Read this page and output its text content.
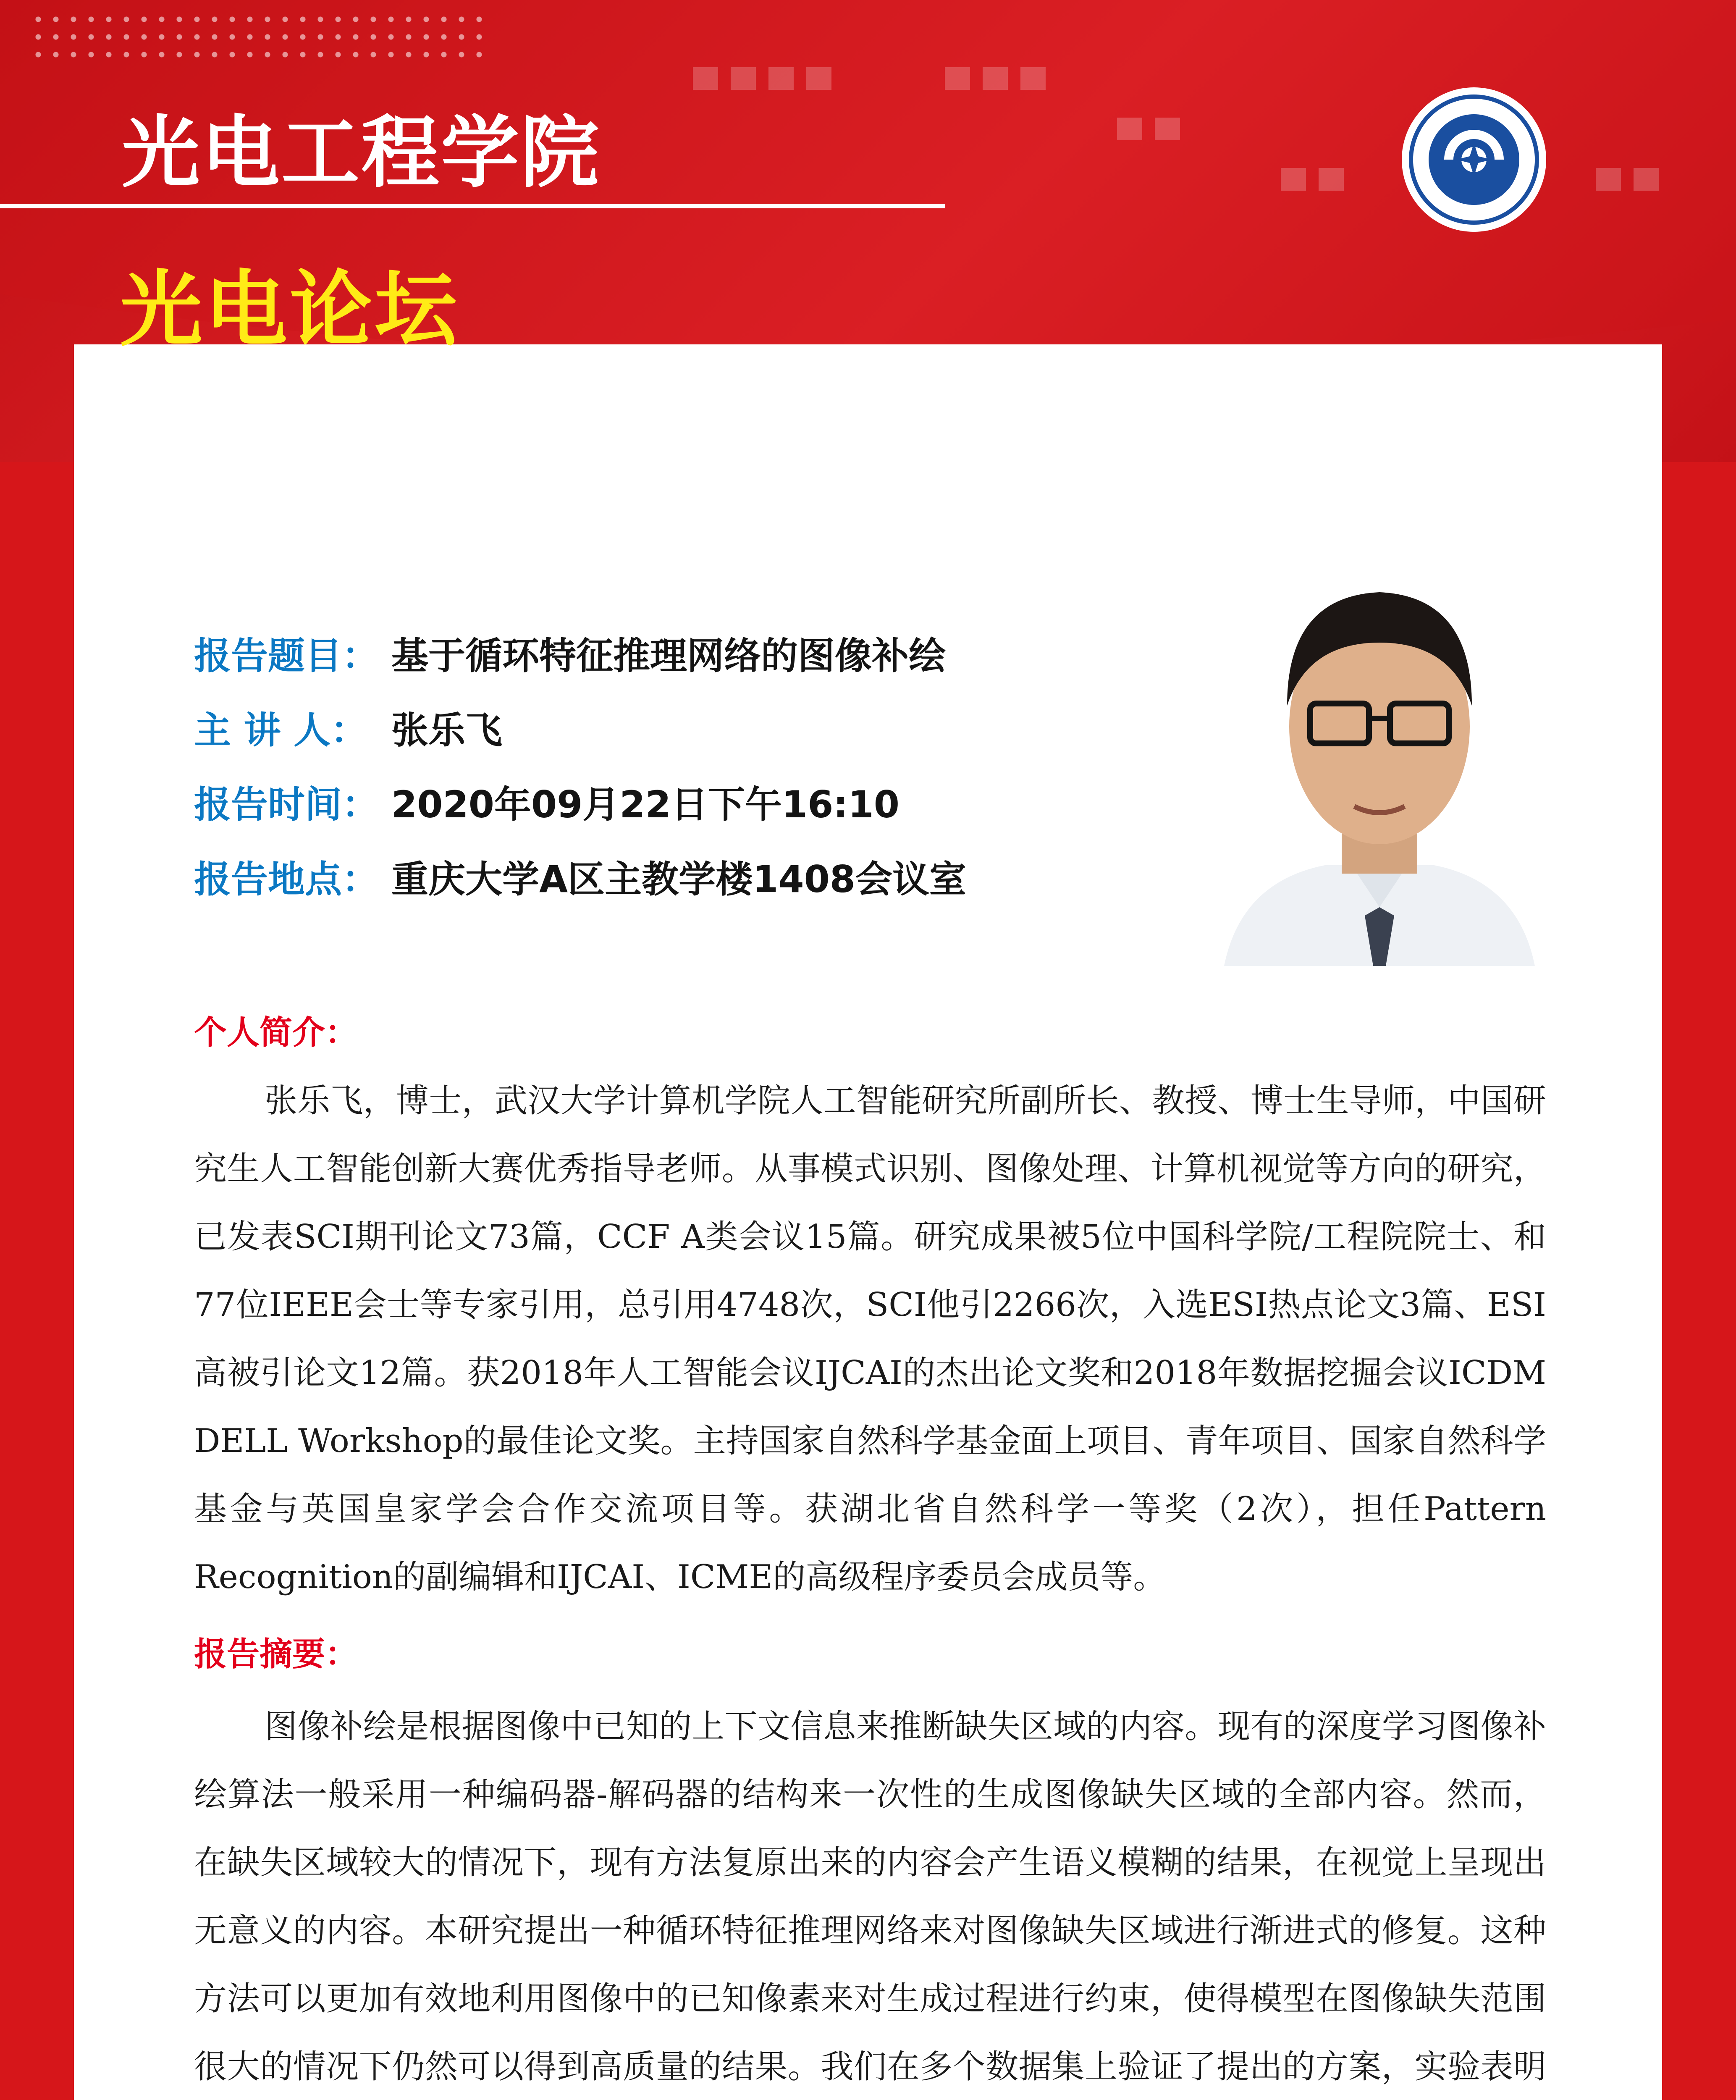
光电工程学院
光电论坛
报告题目： 基于循环特征推理网络的图像补绘
主 讲 人： 张乐飞
报告时间： 2020年09月22日下午16:10
报告地点： 重庆大学A区主教学楼1408会议室
个人简介：

张乐飞，博士，武汉大学计算机学院人工智能研究所副所长、教授、博士生导师，中国研究生人工智能创新大赛优秀指导老师。从事模式识别、图像处理、计算机视觉等方向的研究，已发表SCI期刊论文73篇，CCF A类会议15篇。研究成果被5位中国科学院/工程院院士、和77位IEEE会士等专家引用，总引用4748次，SCI他引2266次，入选ESI热点论文3篇、ESI高被引论文12篇。获2018年人工智能会议IJCAI的杰出论文奖和2018年数据挖掘会议ICDM DELL Workshop的最佳论文奖。主持国家自然科学基金面上项目、青年项目、国家自然科学基金与英国皇家学会合作交流项目等。获湖北省自然科学一等奖（2次），担任Pattern Recognition的副编辑和IJCAI、ICME的高级程序委员会成员等。

报告摘要：

图像补绘是根据图像中已知的上下文信息来推断缺失区域的内容。现有的深度学习图像补绘算法一般采用一种编码器-解码器的结构来一次性的生成图像缺失区域的全部内容。然而，在缺失区域较大的情况下，现有方法复原出来的内容会产生语义模糊的结果，在视觉上呈现出无意义的内容。本研究提出一种循环特征推理网络来对图像缺失区域进行渐进式的修复。这种方法可以更加有效地利用图像中的已知像素来对生成过程进行约束，使得模型在图像缺失范围很大的情况下仍然可以得到高质量的结果。我们在多个数据集上验证了提出的方案，实验表明
